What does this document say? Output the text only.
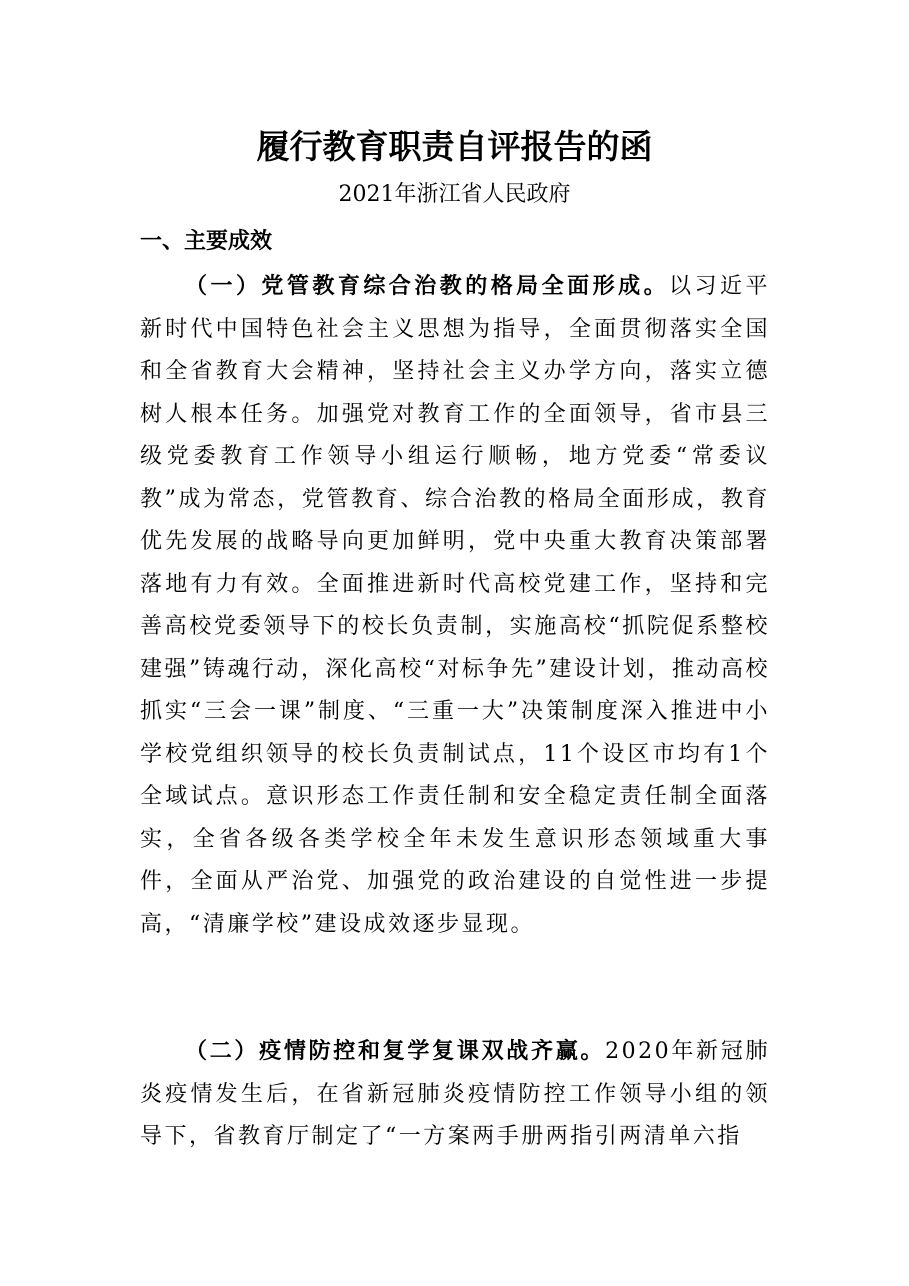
履行教育职责自评报告的函
2021年浙江省人民政府
一、主要成效

（一）党管教育综合治教的格局全面形成。以习近平新时代中国特色社会主义思想为指导，全面贯彻落实全国和全省教育大会精神，坚持社会主义办学方向，落实立德树人根本任务。加强党对教育工作的全面领导，省市县三级党委教育工作领导小组运行顺畅，地方党委“常委议教”成为常态，党管教育、综合治教的格局全面形成，教育优先发展的战略导向更加鲜明，党中央重大教育决策部署落地有力有效。全面推进新时代高校党建工作，坚持和完善高校党委领导下的校长负责制，实施高校“抓院促系整校建强”铸魂行动，深化高校“对标争先”建设计划，推动高校抓实“三会一课”制度、“三重一大”决策制度深入推进中小学校党组织领导的校长负责制试点，11个设区市均有1个全域试点。意识形态工作责任制和安全稳定责任制全面落实，全省各级各类学校全年未发生意识形态领域重大事件，全面从严治党、加强党的政治建设的自觉性进一步提高，“清廉学校”建设成效逐步显现。

（二）疫情防控和复学复课双战齐赢。2020年新冠肺炎疫情发生后，在省新冠肺炎疫情防控工作领导小组的领导下，省教育厅制定了“一方案两手册两指引两清单六指
